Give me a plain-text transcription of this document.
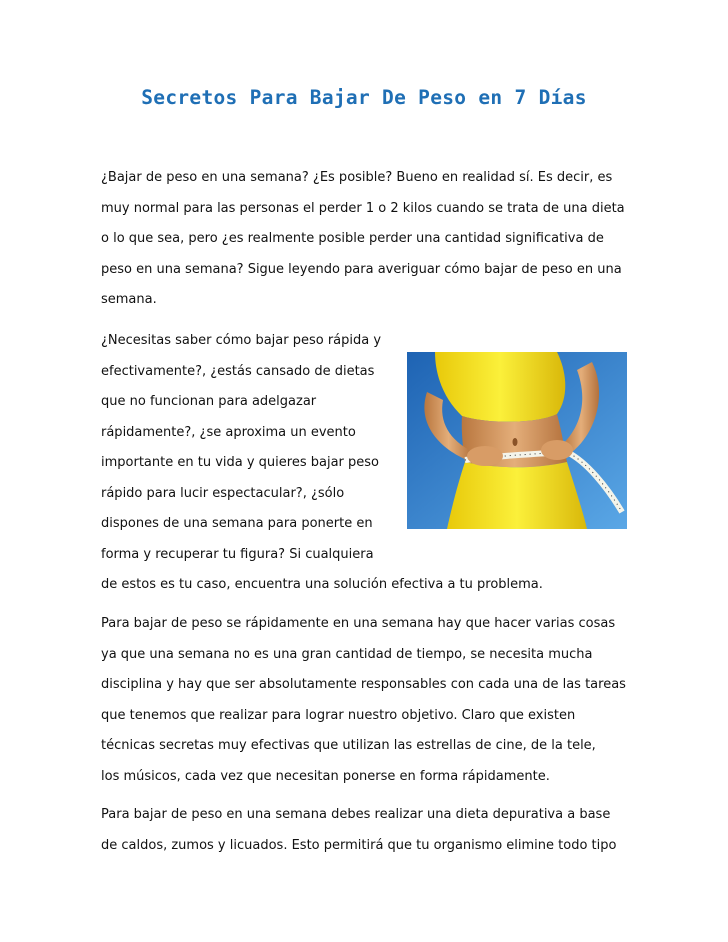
Secretos Para Bajar De Peso en 7 Días
¿Bajar de peso en una semana? ¿Es posible? Bueno en realidad sí. Es decir, es
muy normal para las personas el perder 1 o 2 kilos cuando se trata de una dieta
o lo que sea, pero ¿es realmente posible perder una cantidad significativa de
peso en una semana? Sigue leyendo para averiguar cómo bajar de peso en una
semana.
¿Necesitas saber cómo bajar peso rápida y
efectivamente?, ¿estás cansado de dietas
que no funcionan para adelgazar
rápidamente?, ¿se aproxima un evento
importante en tu vida y quieres bajar peso
rápido para lucir espectacular?, ¿sólo
dispones de una semana para ponerte en
forma y recuperar tu figura? Si cualquiera
de estos es tu caso, encuentra una solución efectiva a tu problema.
Para bajar de peso se rápidamente en una semana hay que hacer varias cosas
ya que una semana no es una gran cantidad de tiempo, se necesita mucha
disciplina y hay que ser absolutamente responsables con cada una de las tareas
que tenemos que realizar para lograr nuestro objetivo. Claro que existen
técnicas secretas muy efectivas que utilizan las estrellas de cine, de la tele,
los músicos, cada vez que necesitan ponerse en forma rápidamente.
Para bajar de peso en una semana debes realizar una dieta depurativa a base
de caldos, zumos y licuados. Esto permitirá que tu organismo elimine todo tipo
